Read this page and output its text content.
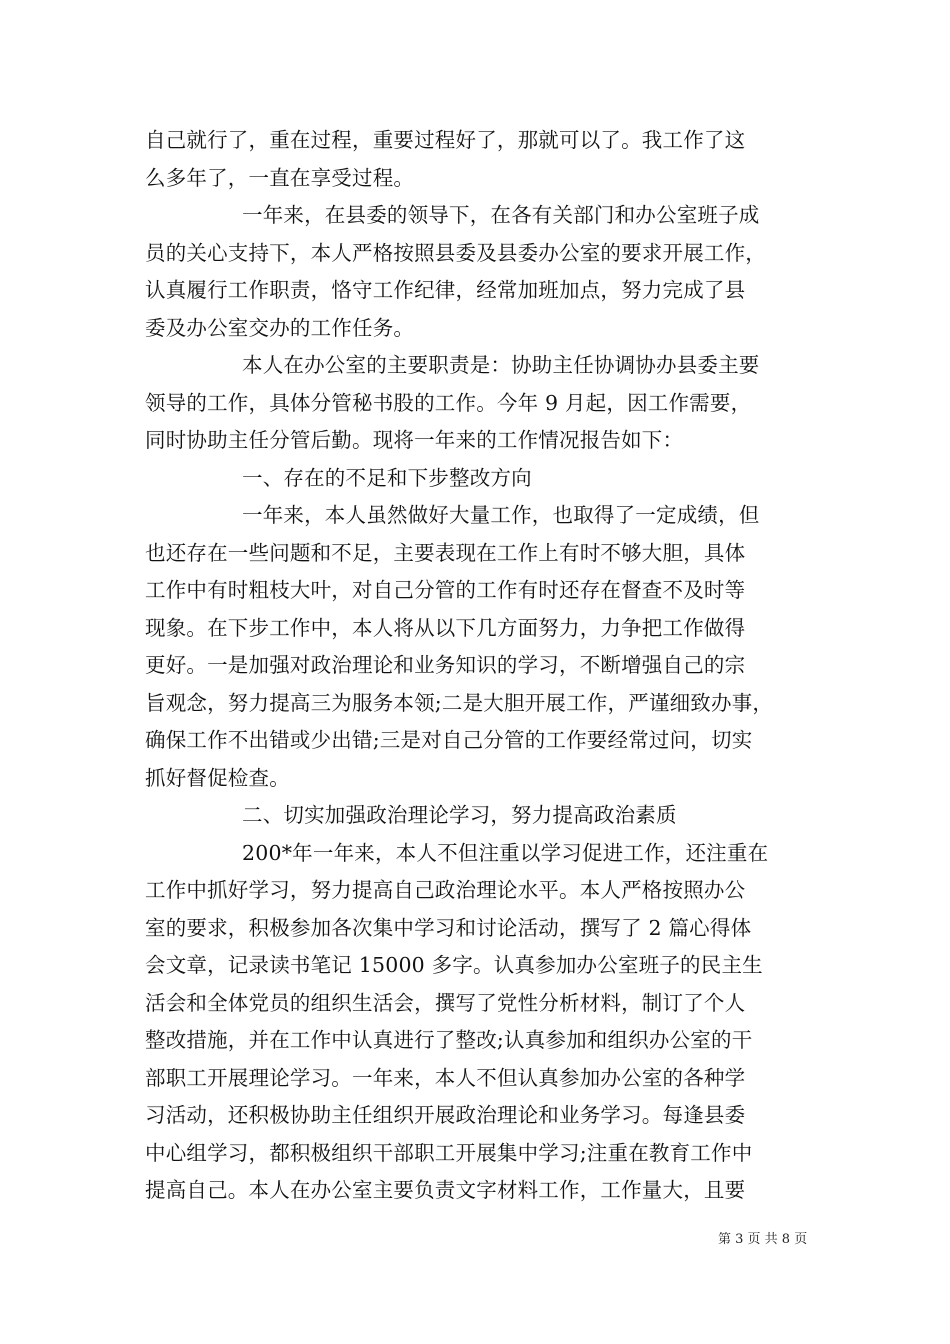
自己就行了，重在过程，重要过程好了，那就可以了。我工作了这
么多年了，一直在享受过程。
一年来，在县委的领导下，在各有关部门和办公室班子成
员的关心支持下，本人严格按照县委及县委办公室的要求开展工作，
认真履行工作职责，恪守工作纪律，经常加班加点，努力完成了县
委及办公室交办的工作任务。
本人在办公室的主要职责是：协助主任协调协办县委主要
领导的工作，具体分管秘书股的工作。今年 9 月起，因工作需要，
同时协助主任分管后勤。现将一年来的工作情况报告如下：
一、存在的不足和下步整改方向
一年来，本人虽然做好大量工作，也取得了一定成绩，但
也还存在一些问题和不足，主要表现在工作上有时不够大胆，具体
工作中有时粗枝大叶，对自己分管的工作有时还存在督查不及时等
现象。在下步工作中，本人将从以下几方面努力，力争把工作做得
更好。一是加强对政治理论和业务知识的学习，不断增强自己的宗
旨观念，努力提高三为服务本领;二是大胆开展工作，严谨细致办事，
确保工作不出错或少出错;三是对自己分管的工作要经常过问，切实
抓好督促检查。
二、切实加强政治理论学习，努力提高政治素质
200*年一年来，本人不但注重以学习促进工作，还注重在
工作中抓好学习，努力提高自己政治理论水平。本人严格按照办公
室的要求，积极参加各次集中学习和讨论活动，撰写了 2 篇心得体
会文章，记录读书笔记 15000 多字。认真参加办公室班子的民主生
活会和全体党员的组织生活会，撰写了党性分析材料，制订了个人
整改措施，并在工作中认真进行了整改;认真参加和组织办公室的干
部职工开展理论学习。一年来，本人不但认真参加办公室的各种学
习活动，还积极协助主任组织开展政治理论和业务学习。每逢县委
中心组学习，都积极组织干部职工开展集中学习;注重在教育工作中
提高自己。本人在办公室主要负责文字材料工作，工作量大，且要
第 3 页 共 8 页
